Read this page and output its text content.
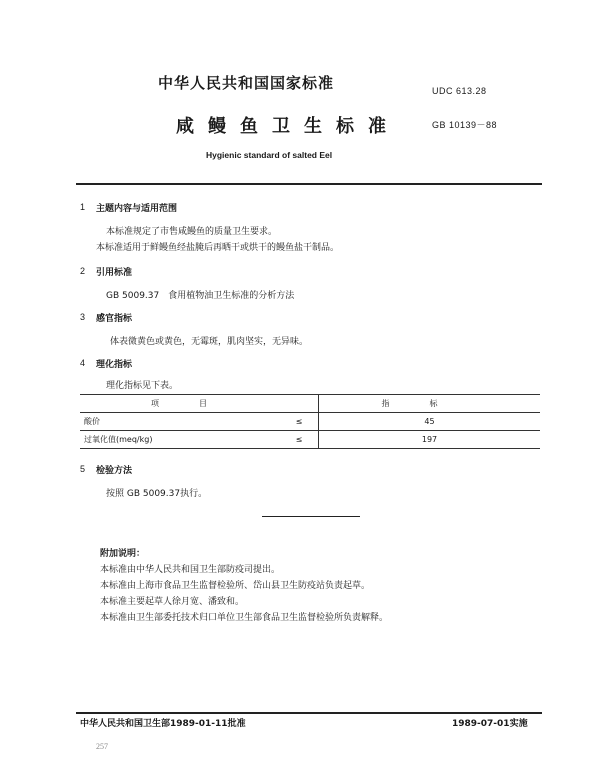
中华人民共和国国家标准	UDC 613.28
咸鳗鱼卫生标准	GB 10139－88
Hygienic standard of salted Eel
1 主题内容与适用范围
本标准规定了市售咸鳗鱼的质量卫生要求。
本标准适用于鲜鳗鱼经盐腌后再晒干或烘干的鳗鱼盐干制品。
2 引用标准
GB 5009.37　食用植物油卫生标准的分析方法
3 感官指标
体表微黄色或黄色，无霉斑，肌肉坚实，无异味。
4 理化指标
理化指标见下表。
项目		指标
酸价	≤	45
过氧化值(meq/kg)	≤	197
5 检验方法
按照 GB 5009.37执行。
附加说明：
本标准由中华人民共和国卫生部防疫司提出。
本标准由上海市食品卫生监督检验所、岱山县卫生防疫站负责起草。
本标准主要起草人徐月宽、潘致和。
本标准由卫生部委托技术归口单位卫生部食品卫生监督检验所负责解释。
中华人民共和国卫生部1989-01-11批准	1989-07-01实施
257
